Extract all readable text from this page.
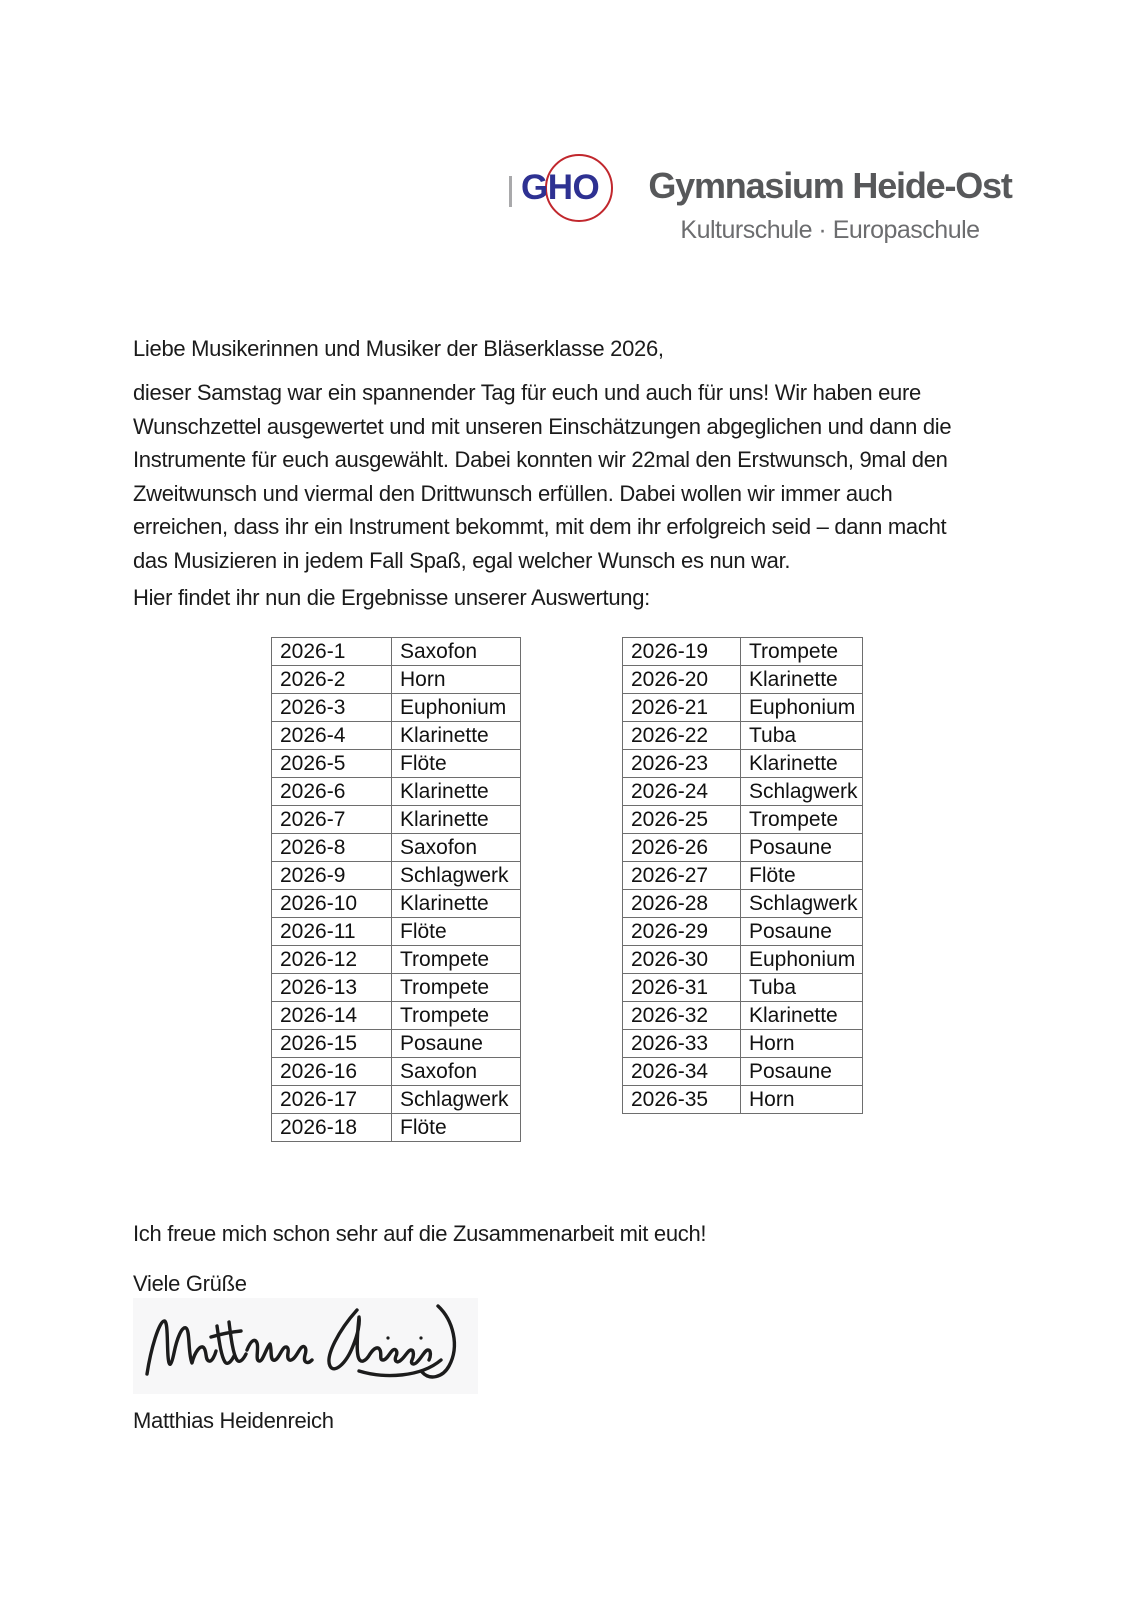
GHO Gymnasium Heide-Ost
Kulturschule · Europaschule
Liebe Musikerinnen und Musiker der Bläserklasse 2026,
dieser Samstag war ein spannender Tag für euch und auch für uns! Wir haben eure
Wunschzettel ausgewertet und mit unseren Einschätzungen abgeglichen und dann die
Instrumente für euch ausgewählt. Dabei konnten wir 22mal den Erstwunsch, 9mal den
Zweitwunsch und viermal den Drittwunsch erfüllen. Dabei wollen wir immer auch
erreichen, dass ihr ein Instrument bekommt, mit dem ihr erfolgreich seid – dann macht
das Musizieren in jedem Fall Spaß, egal welcher Wunsch es nun war.
Hier findet ihr nun die Ergebnisse unserer Auswertung:
2026-1	Saxofon
2026-2	Horn
2026-3	Euphonium
2026-4	Klarinette
2026-5	Flöte
2026-6	Klarinette
2026-7	Klarinette
2026-8	Saxofon
2026-9	Schlagwerk
2026-10	Klarinette
2026-11	Flöte
2026-12	Trompete
2026-13	Trompete
2026-14	Trompete
2026-15	Posaune
2026-16	Saxofon
2026-17	Schlagwerk
2026-18	Flöte
2026-19	Trompete
2026-20	Klarinette
2026-21	Euphonium
2026-22	Tuba
2026-23	Klarinette
2026-24	Schlagwerk
2026-25	Trompete
2026-26	Posaune
2026-27	Flöte
2026-28	Schlagwerk
2026-29	Posaune
2026-30	Euphonium
2026-31	Tuba
2026-32	Klarinette
2026-33	Horn
2026-34	Posaune
2026-35	Horn
Ich freue mich schon sehr auf die Zusammenarbeit mit euch!
Viele Grüße
Matthias Heidenreich
